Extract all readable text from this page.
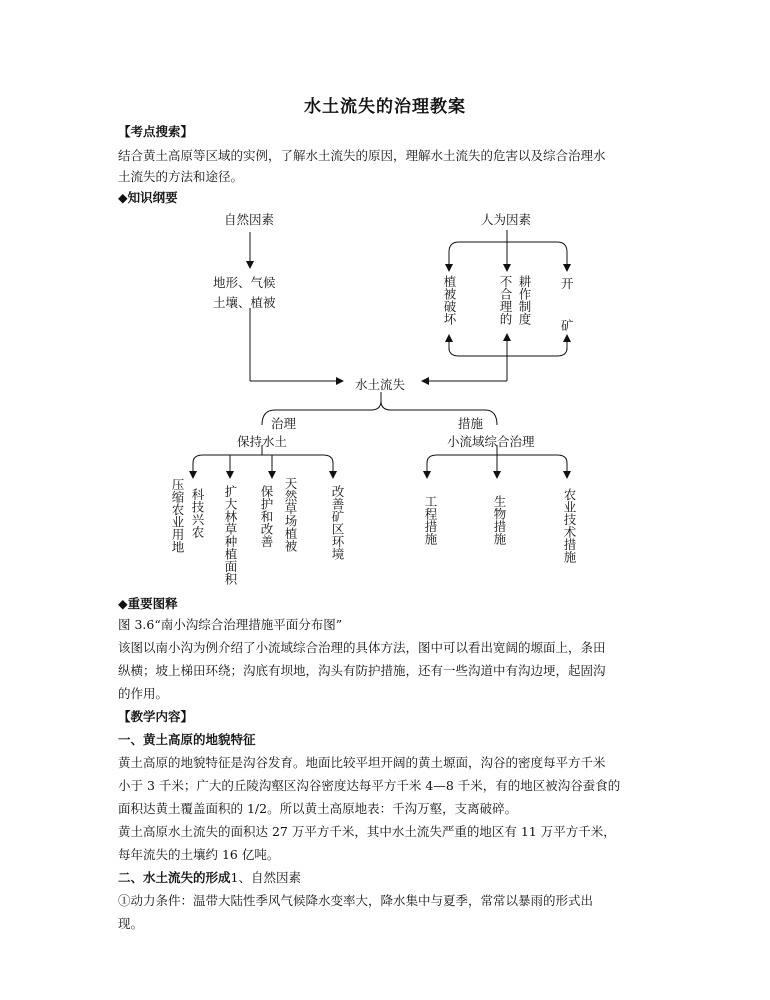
水土流失的治理教案
【考点搜索】
结合黄土高原等区域的实例，了解水土流失的原因，理解水土流失的危害以及综合治理水
土流失的方法和途径。
◆知识纲要
自然因素
地形、气候
土壤、植被
人为因素
植被破坏	不合理的 耕作制度 开
矿
水土流失
治理
保持水土
措施
小流域综合治理
压缩农业用地 科技兴农 扩大林草种植面积 保护和改善 天然草场植被	改善矿区环境	工程措施	生物措施	农业技术措施
◆重要图释
图 3.6“南小沟综合治理措施平面分布图”
该图以南小沟为例介绍了小流域综合治理的具体方法，图中可以看出宽阔的塬面上，条田
纵横；坡上梯田环绕；沟底有坝地，沟头有防护措施，还有一些沟道中有沟边埂，起固沟
的作用。
【教学内容】
一、黄土高原的地貌特征
黄土高原的地貌特征是沟谷发育。地面比较平坦开阔的黄土塬面，沟谷的密度每平方千米
小于 3 千米；广大的丘陵沟壑区沟谷密度达每平方千米 4—8 千米，有的地区被沟谷蚕食的
面积达黄土覆盖面积的 1/2。所以黄土高原地表：千沟万壑，支离破碎。
黄土高原水土流失的面积达 27 万平方千米，其中水土流失严重的地区有 11 万平方千米，
每年流失的土壤约 16 亿吨。
二、水土流失的形成1、自然因素
①动力条件：温带大陆性季风气候降水变率大，降水集中与夏季，常常以暴雨的形式出
现。
